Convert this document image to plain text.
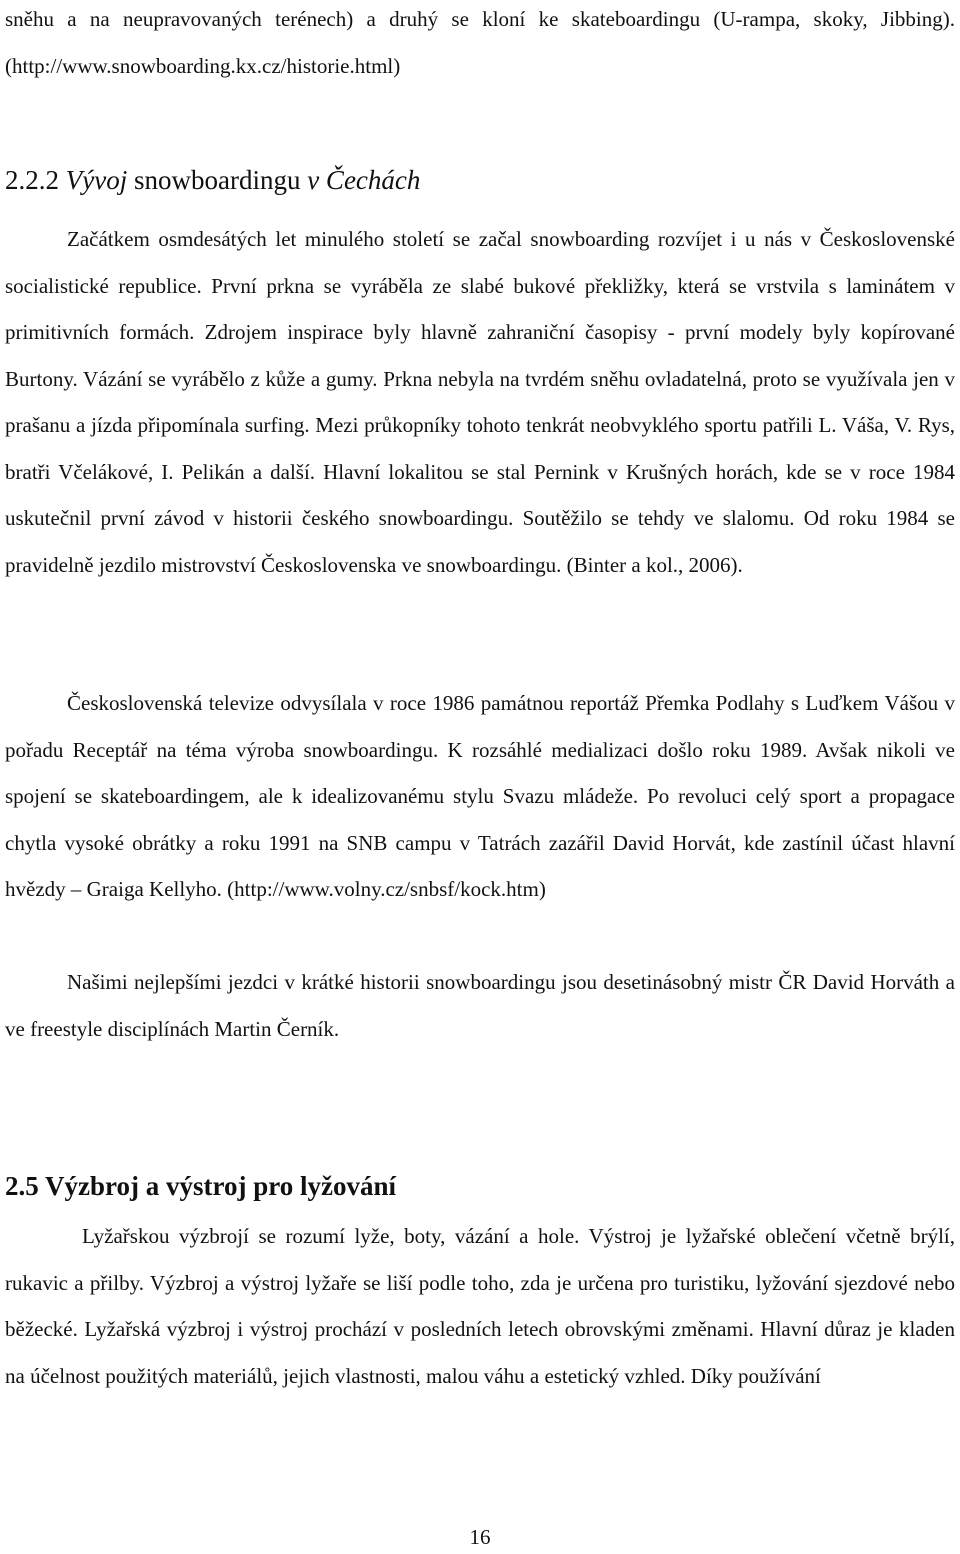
sněhu a na neupravovaných terénech) a druhý se kloní ke skateboardingu (U-rampa, skoky, Jibbing). (http://www.snowboarding.kx.cz/historie.html)

2.2.2 Vývoj snowboardingu v Čechách

Začátkem osmdesátých let minulého století se začal snowboarding rozvíjet i u nás v Československé socialistické republice. První prkna se vyráběla ze slabé bukové překližky, která se vrstvila s laminátem v primitivních formách. Zdrojem inspirace byly hlavně zahraniční časopisy - první modely byly kopírované Burtony. Vázání se vyrábělo z kůže a gumy. Prkna nebyla na tvrdém sněhu ovladatelná, proto se využívala jen v prašanu a jízda připomínala surfing. Mezi průkopníky tohoto tenkrát neobvyklého sportu patřili L. Váša, V. Rys, bratři Včelákové, I. Pelikán a další. Hlavní lokalitou se stal Pernink v Krušných horách, kde se v roce 1984 uskutečnil první závod v historii českého snowboardingu. Soutěžilo se tehdy ve slalomu. Od roku 1984 se pravidelně jezdilo mistrovství Československa ve snowboardingu. (Binter a kol., 2006).

Československá televize odvysílala v roce 1986 památnou reportáž Přemka Podlahy s Luďkem Vášou v pořadu Receptář na téma výroba snowboardingu. K rozsáhlé medializaci došlo roku 1989. Avšak nikoli ve spojení se skateboardingem, ale k idealizovanému stylu Svazu mládeže. Po revoluci celý sport a propagace chytla vysoké obrátky a roku 1991 na SNB campu v Tatrách zazářil David Horvát, kde zastínil účast hlavní hvězdy – Graiga Kellyho. (http://www.volny.cz/snbsf/kock.htm)

Našimi nejlepšími jezdci v krátké historii snowboardingu jsou desetinásobný mistr ČR David Horváth a ve freestyle disciplínách Martin Černík.

2.5 Výzbroj a výstroj pro lyžování

Lyžařskou výzbrojí se rozumí lyže, boty, vázání a hole. Výstroj je lyžařské oblečení včetně brýlí, rukavic a přilby. Výzbroj a výstroj lyžaře se liší podle toho, zda je určena pro turistiku, lyžování sjezdové nebo běžecké. Lyžařská výzbroj i výstroj prochází v posledních letech obrovskými změnami. Hlavní důraz je kladen na účelnost použitých materiálů, jejich vlastnosti, malou váhu a estetický vzhled. Díky používání

16
